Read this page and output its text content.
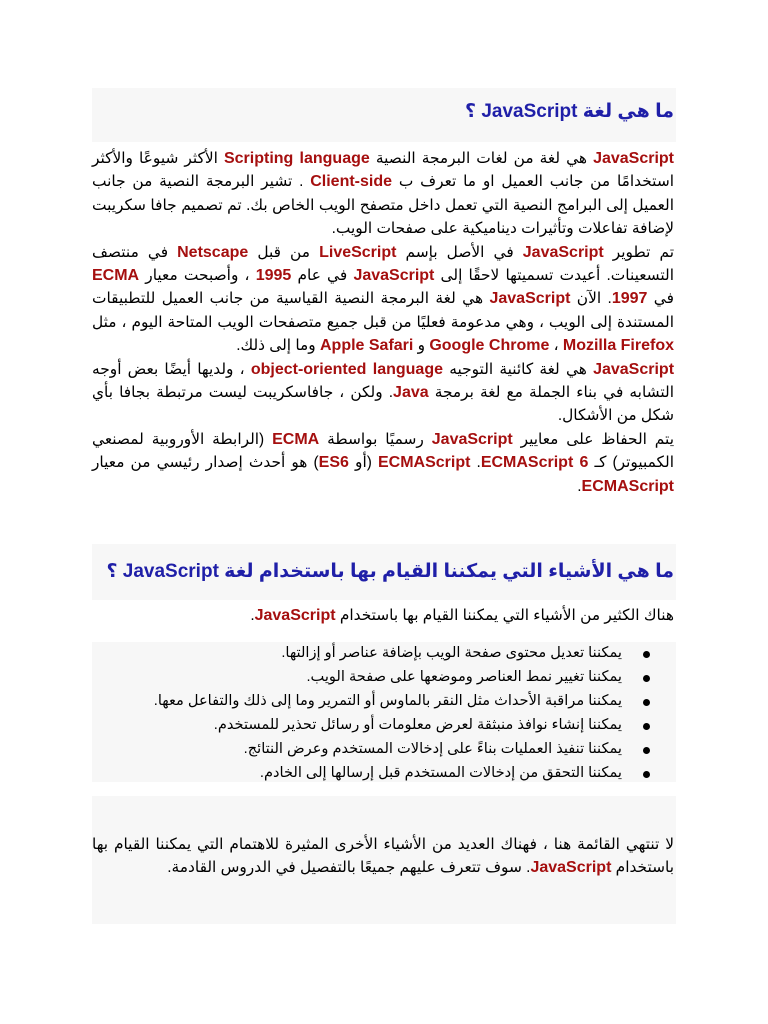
ما هي لغة JavaScript ؟

JavaScript هي لغة من لغات البرمجة النصية Scripting language الأكثر شيوعًا والأكثر استخدامًا من جانب العميل او ما تعرف ب Client-side . تشير البرمجة النصية من جانب العميل إلى البرامج النصية التي تعمل داخل متصفح الويب الخاص بك. تم تصميم جافا سكريبت لإضافة تفاعلات وتأثيرات ديناميكية على صفحات الويب.

تم تطوير JavaScript في الأصل بإسم LiveScript من قبل Netscape في منتصف التسعينات. أعيدت تسميتها لاحقًا إلى JavaScript في عام 1995 ، وأصبحت معيار ECMA في 1997. الآن JavaScript هي لغة البرمجة النصية القياسية من جانب العميل للتطبيقات المستندة إلى الويب ، وهي مدعومة فعليًا من قبل جميع متصفحات الويب المتاحة اليوم ، مثل Mozilla Firefox ، Google Chrome و Apple Safari وما إلى ذلك.

JavaScript هي لغة كائنية التوجيه object-oriented language ، ولديها أيضًا بعض أوجه التشابه في بناء الجملة مع لغة برمجة Java. ولكن ، جافاسكريبت ليست مرتبطة بجافا بأي شكل من الأشكال.

يتم الحفاظ على معايير JavaScript رسميًا بواسطة ECMA (الرابطة الأوروبية لمصنعي الكمبيوتر) كـ ECMAScript 6. ECMAScript (أو ES6) هو أحدث إصدار رئيسي من معيار ECMAScript.

ما هي الأشياء التي يمكننا القيام بها باستخدام لغة JavaScript ؟
هناك الكثير من الأشياء التي يمكننا القيام بها باستخدام JavaScript.
يمكننا تعديل محتوى صفحة الويب بإضافة عناصر أو إزالتها.
يمكننا تغيير نمط العناصر وموضعها على صفحة الويب.
يمكننا مراقبة الأحداث مثل النقر بالماوس أو التمرير وما إلى ذلك والتفاعل معها.
يمكننا إنشاء نوافذ منبثقة لعرض معلومات أو رسائل تحذير للمستخدم.
يمكننا تنفيذ العمليات بناءً على إدخالات المستخدم وعرض النتائج.
يمكننا التحقق من إدخالات المستخدم قبل إرسالها إلى الخادم.
لا تنتهي القائمة هنا ، فهناك العديد من الأشياء الأخرى المثيرة للاهتمام التي يمكننا القيام بها باستخدام JavaScript. سوف تتعرف عليهم جميعًا بالتفصيل في الدروس القادمة.
